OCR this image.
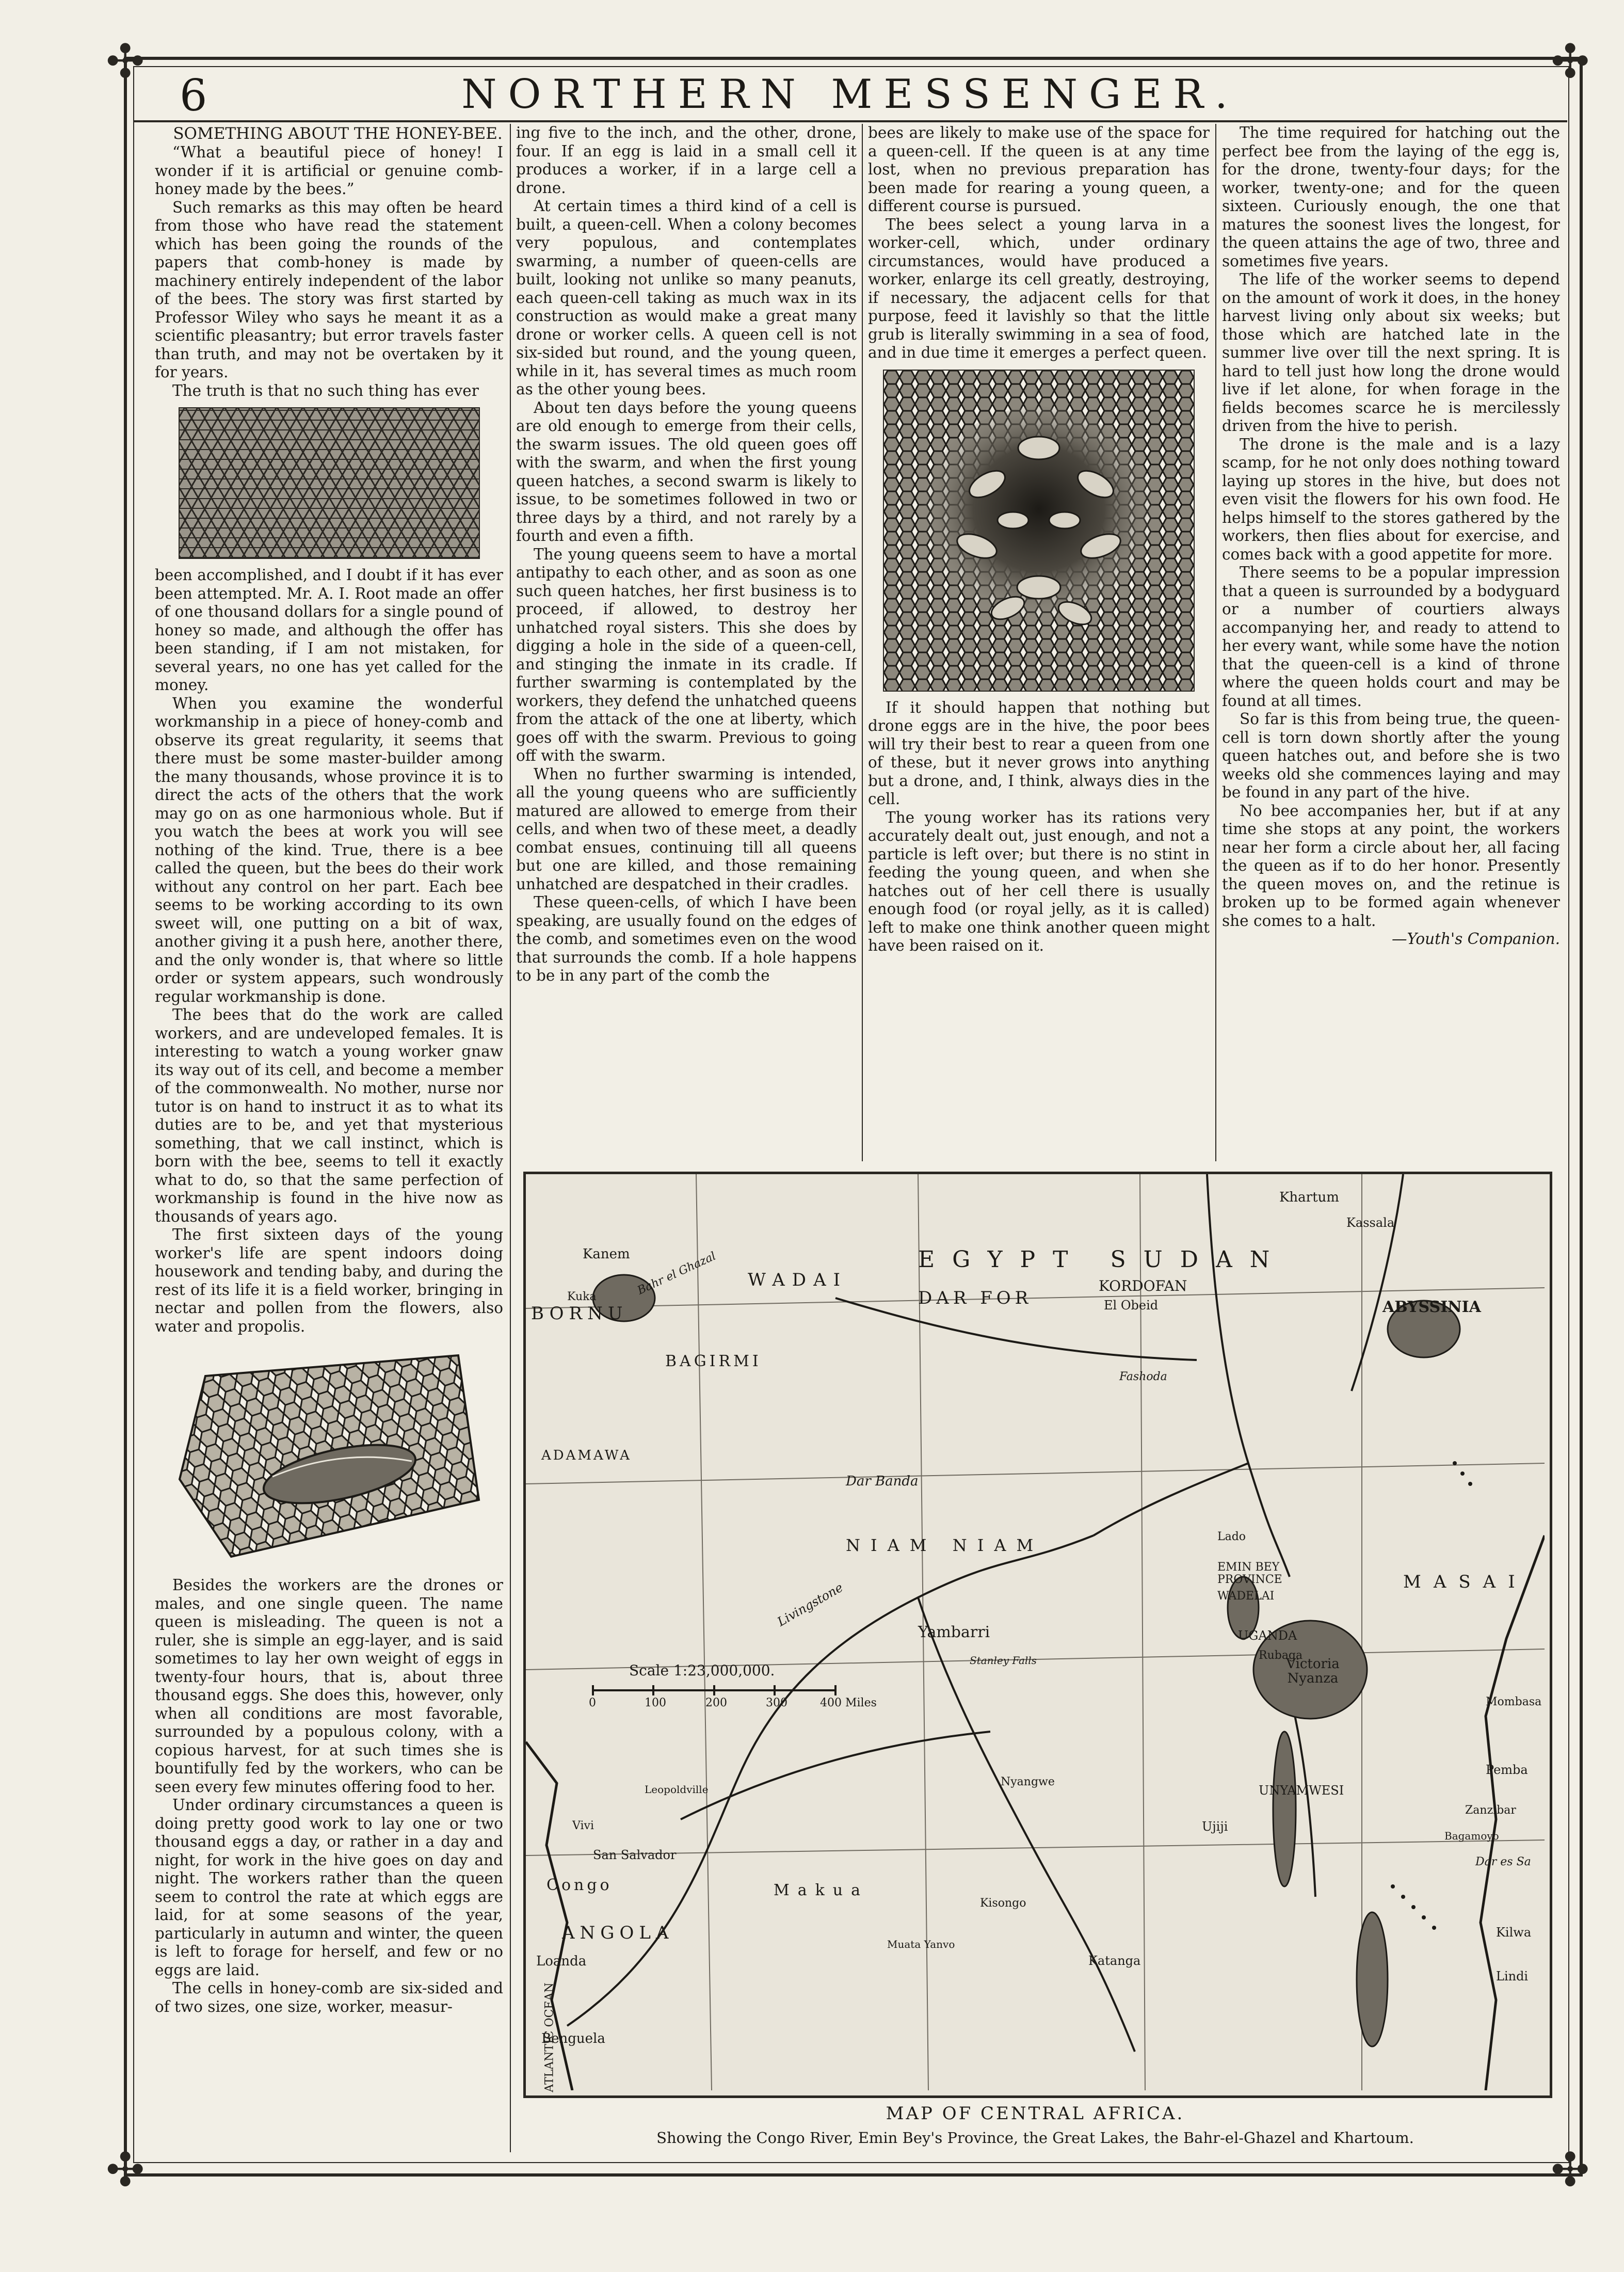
✣	✣
✣	✣
6	NORTHERN MESSENGER.

SOMETHING ABOUT THE HONEY-BEE.

“What a beautiful piece of honey! I wonder if it is artificial or genuine comb-honey made by the bees.”

Such remarks as this may often be heard from those who have read the statement which has been going the rounds of the papers that comb-honey is made by machinery entirely independent of the labor of the bees. The story was first started by Professor Wiley who says he meant it as a scientific pleasantry; but error travels faster than truth, and may not be overtaken by it for years.

The truth is that no such thing has ever

been accomplished, and I doubt if it has ever been attempted. Mr. A. I. Root made an offer of one thousand dollars for a single pound of honey so made, and although the offer has been standing, if I am not mistaken, for several years, no one has yet called for the money.

When you examine the wonderful workmanship in a piece of honey-comb and observe its great regularity, it seems that there must be some master-builder among the many thousands, whose province it is to direct the acts of the others that the work may go on as one harmonious whole. But if you watch the bees at work you will see nothing of the kind. True, there is a bee called the queen, but the bees do their work without any control on her part. Each bee seems to be working according to its own sweet will, one putting on a bit of wax, another giving it a push here, another there, and the only wonder is, that where so little order or system appears, such wondrously regular workmanship is done.

The bees that do the work are called workers, and are undeveloped females. It is interesting to watch a young worker gnaw its way out of its cell, and become a member of the commonwealth. No mother, nurse nor tutor is on hand to instruct it as to what its duties are to be, and yet that mysterious something, that we call instinct, which is born with the bee, seems to tell it exactly what to do, so that the same perfection of workmanship is found in the hive now as thousands of years ago.

The first sixteen days of the young worker's life are spent indoors doing housework and tending baby, and during the rest of its life it is a field worker, bringing in nectar and pollen from the flowers, also water and propolis.

Besides the workers are the drones or males, and one single queen. The name queen is misleading. The queen is not a ruler, she is simple an egg-layer, and is said sometimes to lay her own weight of eggs in twenty-four hours, that is, about three thousand eggs. She does this, however, only when all conditions are most favorable, surrounded by a populous colony, with a copious harvest, for at such times she is bountifully fed by the workers, who can be seen every few minutes offering food to her.

Under ordinary circumstances a queen is doing pretty good work to lay one or two thousand eggs a day, or rather in a day and night, for work in the hive goes on day and night. The workers rather than the queen seem to control the rate at which eggs are laid, for at some seasons of the year, particularly in autumn and winter, the queen is left to forage for herself, and few or no eggs are laid.

The cells in honey-comb are six-sided and of two sizes, one size, worker, measur-

ing five to the inch, and the other, drone, four. If an egg is laid in a small cell it produces a worker, if in a large cell a drone.

At certain times a third kind of a cell is built, a queen-cell. When a colony becomes very populous, and contemplates swarming, a number of queen-cells are built, looking not unlike so many peanuts, each queen-cell taking as much wax in its construction as would make a great many drone or worker cells. A queen cell is not six-sided but round, and the young queen, while in it, has several times as much room as the other young bees.

About ten days before the young queens are old enough to emerge from their cells, the swarm issues. The old queen goes off with the swarm, and when the first young queen hatches, a second swarm is likely to issue, to be sometimes followed in two or three days by a third, and not rarely by a fourth and even a fifth.

The young queens seem to have a mortal antipathy to each other, and as soon as one such queen hatches, her first business is to proceed, if allowed, to destroy her unhatched royal sisters. This she does by digging a hole in the side of a queen-cell, and stinging the inmate in its cradle. If further swarming is contemplated by the workers, they defend the unhatched queens from the attack of the one at liberty, which goes off with the swarm. Previous to going off with the swarm.

When no further swarming is intended, all the young queens who are sufficiently matured are allowed to emerge from their cells, and when two of these meet, a deadly combat ensues, continuing till all queens but one are killed, and those remaining unhatched are despatched in their cradles.

These queen-cells, of which I have been speaking, are usually found on the edges of the comb, and sometimes even on the wood that surrounds the comb. If a hole happens to be in any part of the comb the

bees are likely to make use of the space for a queen-cell. If the queen is at any time lost, when no previous preparation has been made for rearing a young queen, a different course is pursued.

The bees select a young larva in a worker-cell, which, under ordinary circumstances, would have produced a worker, enlarge its cell greatly, destroying, if necessary, the adjacent cells for that purpose, feed it lavishly so that the little grub is literally swimming in a sea of food, and in due time it emerges a perfect queen.

If it should happen that nothing but drone eggs are in the hive, the poor bees will try their best to rear a queen from one of these, but it never grows into anything but a drone, and, I think, always dies in the cell.

The young worker has its rations very accurately dealt out, just enough, and not a particle is left over; but there is no stint in feeding the young queen, and when she hatches out of her cell there is usually enough food (or royal jelly, as it is called) left to make one think another queen might have been raised on it.

The time required for hatching out the perfect bee from the laying of the egg is, for the drone, twenty-four days; for the worker, twenty-one; and for the queen sixteen. Curiously enough, the one that matures the soonest lives the longest, for the queen attains the age of two, three and sometimes five years.

The life of the worker seems to depend on the amount of work it does, in the honey harvest living only about six weeks; but those which are hatched late in the summer live over till the next spring. It is hard to tell just how long the drone would live if let alone, for when forage in the fields becomes scarce he is mercilessly driven from the hive to perish.

The drone is the male and is a lazy scamp, for he not only does nothing toward laying up stores in the hive, but does not even visit the flowers for his own food. He helps himself to the stores gathered by the workers, then flies about for exercise, and comes back with a good appetite for more.

There seems to be a popular impression that a queen is surrounded by a bodyguard or a number of courtiers always accompanying her, and ready to attend to her every want, while some have the notion that the queen-cell is a kind of throne where the queen holds court and may be found at all times.

So far is this from being true, the queen-cell is torn down shortly after the young queen hatches out, and before she is two weeks old she commences laying and may be found in any part of the hive.

No bee accompanies her, but if at any time she stops at any point, the workers near her form a circle about her, all facing the queen as if to do her honor. Presently the queen moves on, and the retinue is broken up to be formed again whenever she comes to a halt.

—Youth's Companion.

Scale 1:23,000,000.
0	100	200	300	400 Miles
EGYPT SUDAN
WADAI
DAR FOR
KORDOFAN
BORNU
BAGIRMI
ADAMAWA
ABYSSINIA
NIAM NIAM
EMIN BEY PROVINCE
WADELAI
UGANDA
MASAI
UNYAMWESI
Congo
ANGOLA
ATLANTIC OCEAN
Khartum
Kassala
El Obeid
Kanem
Kuka	Bahr el Ghazal
Fashoda
Lado
Dar Banda
Rubaga
Victoria Nyanza
Livingstone
Yambarri
Stanley Falls
Nyangwe
Ujiji
Katanga
Kisongo
Muata Yanvo
San Salvador
Vivi
Leopoldville
Loanda
Benguela
Makua
Mombasa
Pemba
Zanzibar
Bagamoyo
Dar es Sa
Kilwa
Lindi
MAP OF CENTRAL AFRICA.
Showing the Congo River, Emin Bey's Province, the Great Lakes, the Bahr-el-Ghazel and Khartoum.
